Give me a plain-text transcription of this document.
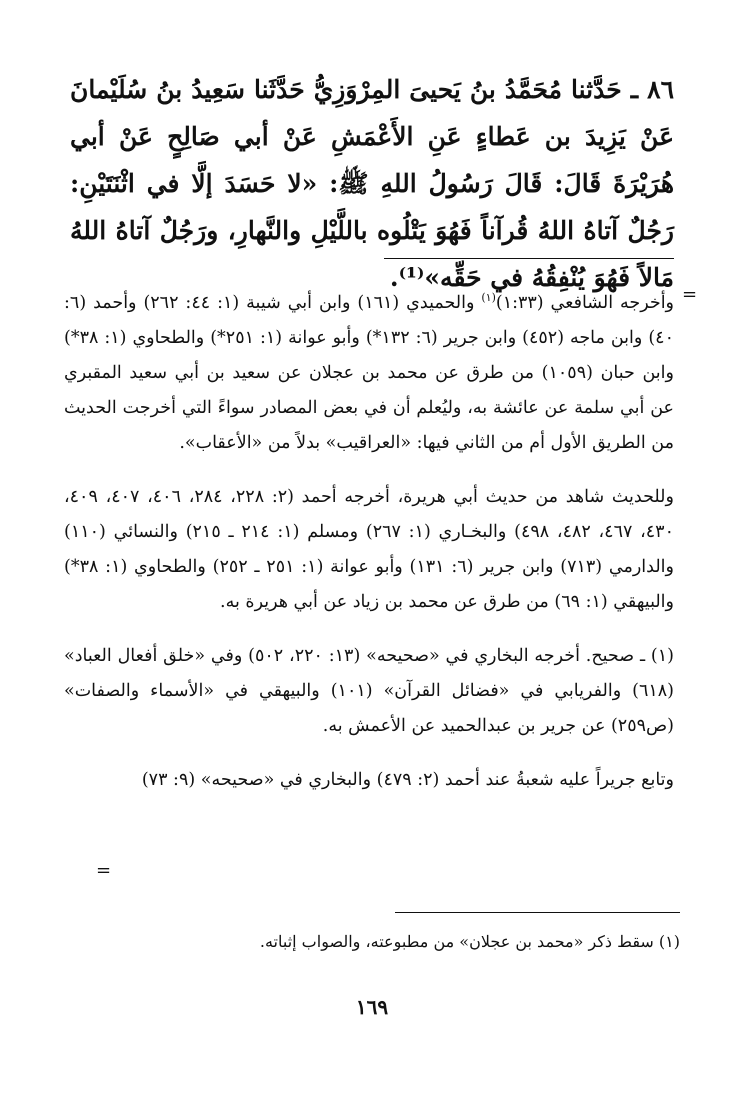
٨٦ ـ حَدَّثنا مُحَمَّدُ بنُ يَحيىَ المِرْوَزِيُّ حَدَّثَنا سَعِيدُ بنُ سُلَيْمانَ عَنْ يَزِيدَ بن عَطاءٍ عَنِ الأَعْمَشِ عَنْ أبي صَالِحٍ عَنْ أبي هُرَيْرَةَ قَالَ: قَالَ رَسُولُ اللهِ ﷺ: «لا حَسَدَ إلَّا في اثْنَتَيْنِ: رَجُلٌ آتاهُ اللهُ قُرآناً فَهُوَ يَتْلُوه باللَّيْلِ والنَّهارِ، ورَجُلٌ آتاهُ اللهُ مَالاً فَهُوَ يُنْفِقُهُ في حَقِّه»⁽¹⁾.
=

وأخرجه الشافعي (١:٣٣)$^{(١)}$ والحميدي (١٦١) وابن أبي شيبة (١: ٤٤: ٢٦٢) وأحمد (٦: ٤٠) وابن ماجه (٤٥٢) وابن جرير (٦: ١٣٢*) وأبو عوانة (١: ٢٥١*) والطحاوي (١: ٣٨*) وابن حبان (١٠٥٩) من طرق عن محمد بن عجلان عن سعيد بن أبي سعيد المقبري عن أبي سلمة عن عائشة به، وليُعلم أن في بعض المصادر سواءً التي أخرجت الحديث من الطريق الأول أم من الثاني فيها: «العراقيب» بدلاً من «الأعقاب».

وللحديث شاهد من حديث أبي هريرة، أخرجه أحمد (٢: ٢٢٨، ٢٨٤، ٤٠٦، ٤٠٧، ٤٠٩، ٤٣٠، ٤٦٧، ٤٨٢، ٤٩٨) والبخـاري (١: ٢٦٧) ومسلم (١: ٢١٤ ـ ٢١٥) والنسائي (١١٠) والدارمي (٧١٣) وابن جرير (٦: ١٣١) وأبو عوانة (١: ٢٥١ ـ ٢٥٢) والطحاوي (١: ٣٨*) والبيهقي (١: ٦٩) من طرق عن محمد بن زياد عن أبي هريرة به.

(١) ـ صحيح. أخرجه البخاري في «صحيحه» (١٣: ٢٢٠، ٥٠٢) وفي «خلق أفعال العباد» (٦١٨) والفريابي في «فضائل القرآن» (١٠١) والبيهقي في «الأسماء والصفات» (ص٢٥٩) عن جرير بن عبدالحميد عن الأعمش به.

وتابع جريراً عليه شعبةُ عند أحمد (٢: ٤٧٩) والبخاري في «صحيحه» (٩: ٧٣)

=
(١) سقط ذكر «محمد بن عجلان» من مطبوعته، والصواب إثباته.
١٦٩
